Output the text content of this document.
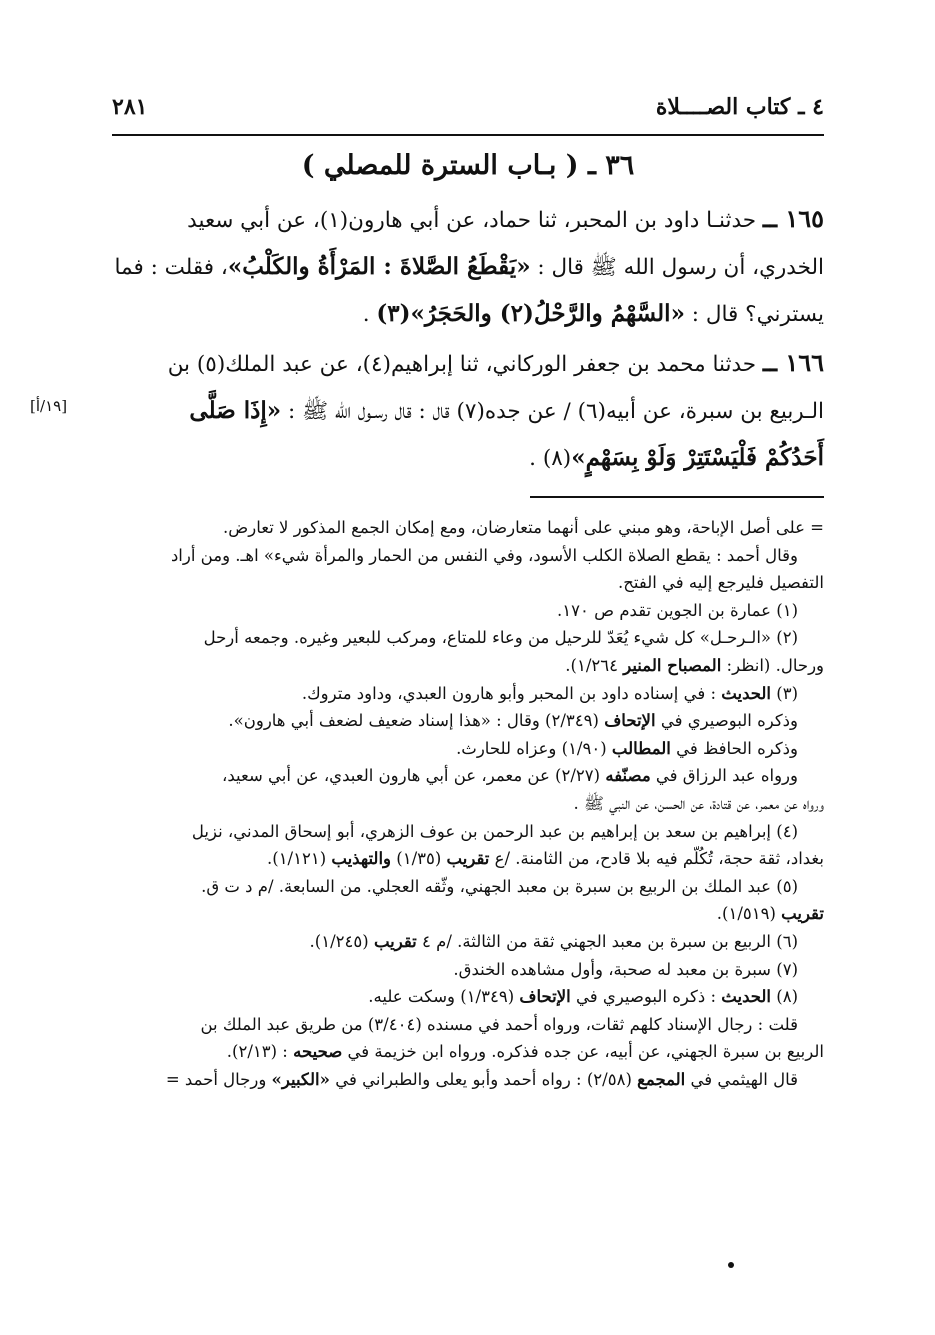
٤ ـ كتاب الصــــلاة
٢٨١
٣٦ ـ ( بـاب السترة للمصلي )
١٦٥ ــ حدثنـا داود بن المحبر، ثنا حماد، عن أبي هارون(١)، عن أبي سعيد
الخدري، أن رسول الله ﷺ قال : «يَقْطَعُ الصَّلاةَ : المَرْأَةُ والكَلْبُ»، فقلت : فما
يسترني؟ قال : «السَّهْمُ والرَّحْلُ(٢) والحَجَرُ»(٣) .
١٦٦ ــ حدثنا محمد بن جعفر الوركاني، ثنا إبراهيم(٤)، عن عبد الملك(٥) بن
الـربيع بن سبرة، عن أبيه(٦) / عن جده(٧) قال : قال رسـول الله ﷺ : «إِذَا صَلَّى
أَحَدُكُمْ فَلْيَسْتَتِرْ وَلَوْ بِسَهْمٍ»(٨) .
[١٩/أ]

= على أصل الإباحة، وهو مبني على أنهما متعارضان، ومع إمكان الجمع المذكور لا تعارض.

وقال أحمد : يقطع الصلاة الكلب الأسود، وفي النفس من الحمار والمرأة شيء» اهـ. ومن أراد

التفصيل فليرجع إليه في الفتح.

(١) عمارة بن الجوين تقدم ص ١٧٠.

(٢) «الـرحـل» كل شيء يُعَدّ للرحيل من وعاء للمتاع، ومركب للبعير وغيره. وجمعه أرحل

ورحال. (انظر: المصباح المنير ١/٢٦٤).

(٣) الحديث : في إسناده داود بن المحبر وأبو هارون العبدي، وداود متروك.

وذكره البوصيري في الإتحاف (٢/٣٤٩) وقال : «هذا إسناد ضعيف لضعف أبي هارون».

وذكره الحافظ في المطالب (١/٩٠) وعزاه للحارث.

ورواه عبد الرزاق في مصنّفه (٢/٢٧) عن معمر، عن أبي هارون العبدي، عن أبي سعيد،

ورواه عن معمر، عن قتادة، عن الحسن، عن النبي ﷺ .

(٤) إبراهيم بن سعد بن إبراهيم بن عبد الرحمن بن عوف الزهري، أبو إسحاق المدني، نزيل

بغداد، ثقة حجة، تُكُلّم فيه بلا قادح، من الثامنة. /ع تقريب (١/٣٥) والتهذيب (١/١٢١).

(٥) عبد الملك بن الربيع بن سبرة بن معبد الجهني، وثّقه العجلي. من السابعة. /م د ت ق.

تقريب (١/٥١٩).

(٦) الربيع بن سبرة بن معبد الجهني ثقة من الثالثة. /م ٤ تقريب (١/٢٤٥).

(٧) سبرة بن معبد له صحبة، وأول مشاهده الخندق.

(٨) الحديث : ذكره البوصيري في الإتحاف (١/٣٤٩) وسكت عليه.

قلت : رجال الإسناد كلهم ثقات، ورواه أحمد في مسنده (٣/٤٠٤) من طريق عبد الملك بن

الربيع بن سبرة الجهني، عن أبيه، عن جده فذكره. ورواه ابن خزيمة في صحيحه : (٢/١٣).

قال الهيثمي في المجمع (٢/٥٨) : رواه أحمد وأبو يعلى والطبراني في «الكبير» ورجال أحمد =
